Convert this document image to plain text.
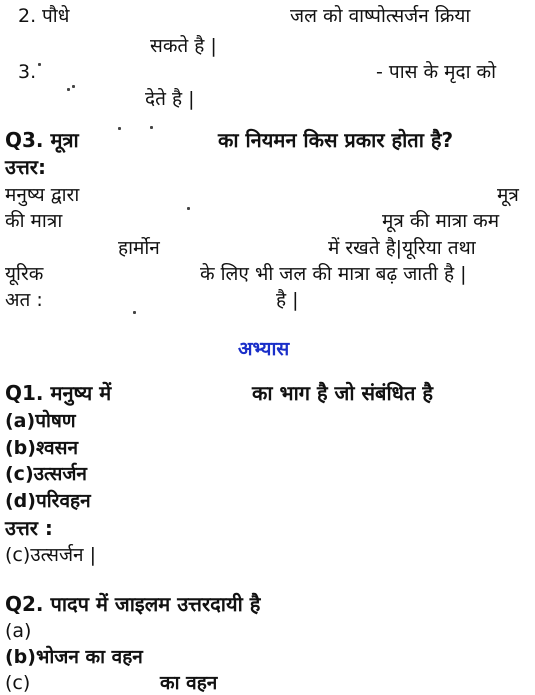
2. पौधे	जल को वाष्पोत्सर्जन क्रिया
सकते है |
3.	- पास के मृदा को
देते है |
Q3. मूत्रा	का नियमन किस प्रकार होता है?
उत्तर:
मनुष्य द्वारा	मूत्र
की मात्रा	मूत्र की मात्रा कम
हार्मोन	में रखते है|यूरिया तथा
यूरिक	के लिए भी जल की मात्रा बढ़ जाती है |
अत :	है |
अभ्यास
Q1. मनुष्य में	का भाग है जो संबंधित है
(a)पोषण
(b)श्वसन
(c)उत्सर्जन
(d)परिवहन
उत्तर :
(c)उत्सर्जन |
Q2. पादप में जाइलम उत्तरदायी है
(a)
(b)भोजन का वहन
(c)	का वहन
